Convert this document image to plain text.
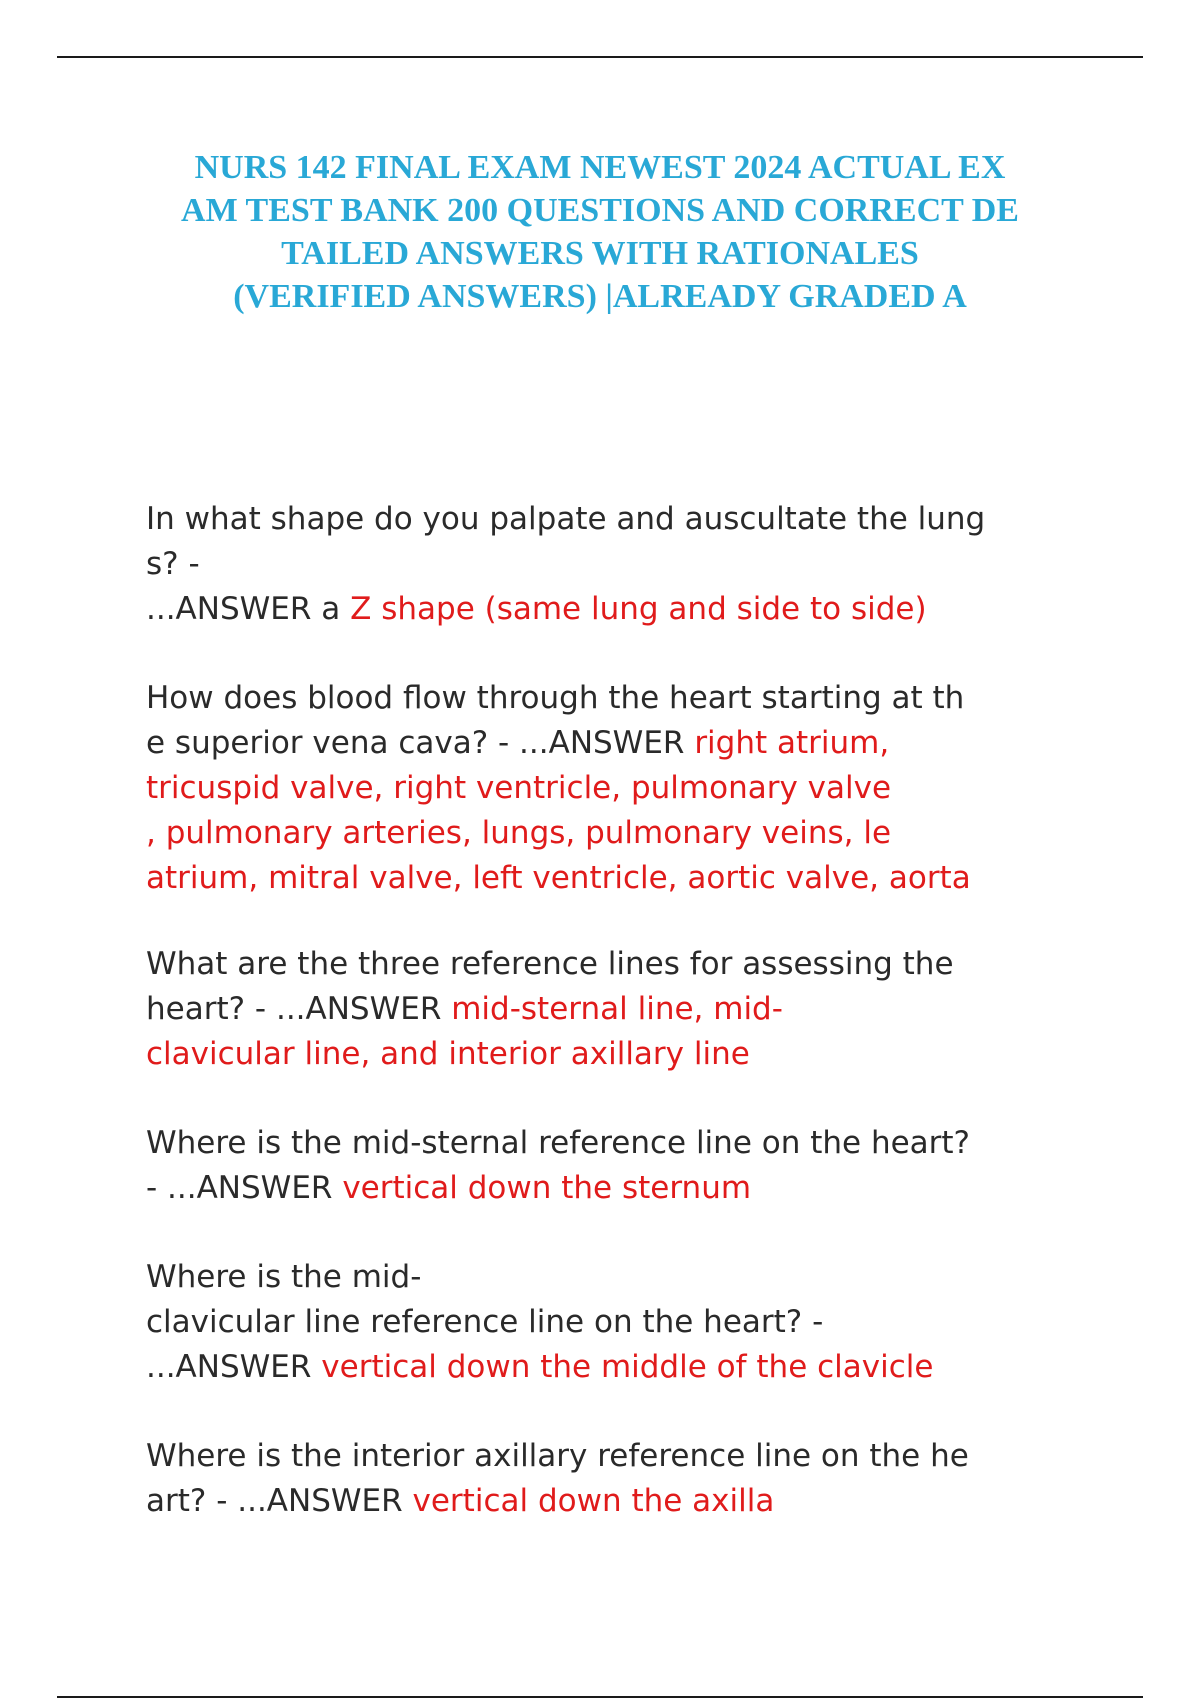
NURS 142 FINAL EXAM NEWEST 2024 ACTUAL EX
AM TEST BANK 200 QUESTIONS AND CORRECT DE
TAILED ANSWERS WITH RATIONALES
(VERIFIED ANSWERS) |ALREADY GRADED A
In what shape do you palpate and auscultate the lung
s? -
...ANSWER a Z shape (same lung and side to side)
How does blood flow through the heart starting at th
e superior vena cava? - ...ANSWER right atrium,
tricuspid valve, right ventricle, pulmonary valve
, pulmonary arteries, lungs, pulmonary veins, le
atrium, mitral valve, left ventricle, aortic valve, aorta
What are the three reference lines for assessing the
heart? - ...ANSWER mid-sternal line, mid-
clavicular line, and interior axillary line
Where is the mid-sternal reference line on the heart?
- ...ANSWER vertical down the sternum
Where is the mid-
clavicular line reference line on the heart? -
...ANSWER vertical down the middle of the clavicle
Where is the interior axillary reference line on the he
art? - ...ANSWER vertical down the axilla
